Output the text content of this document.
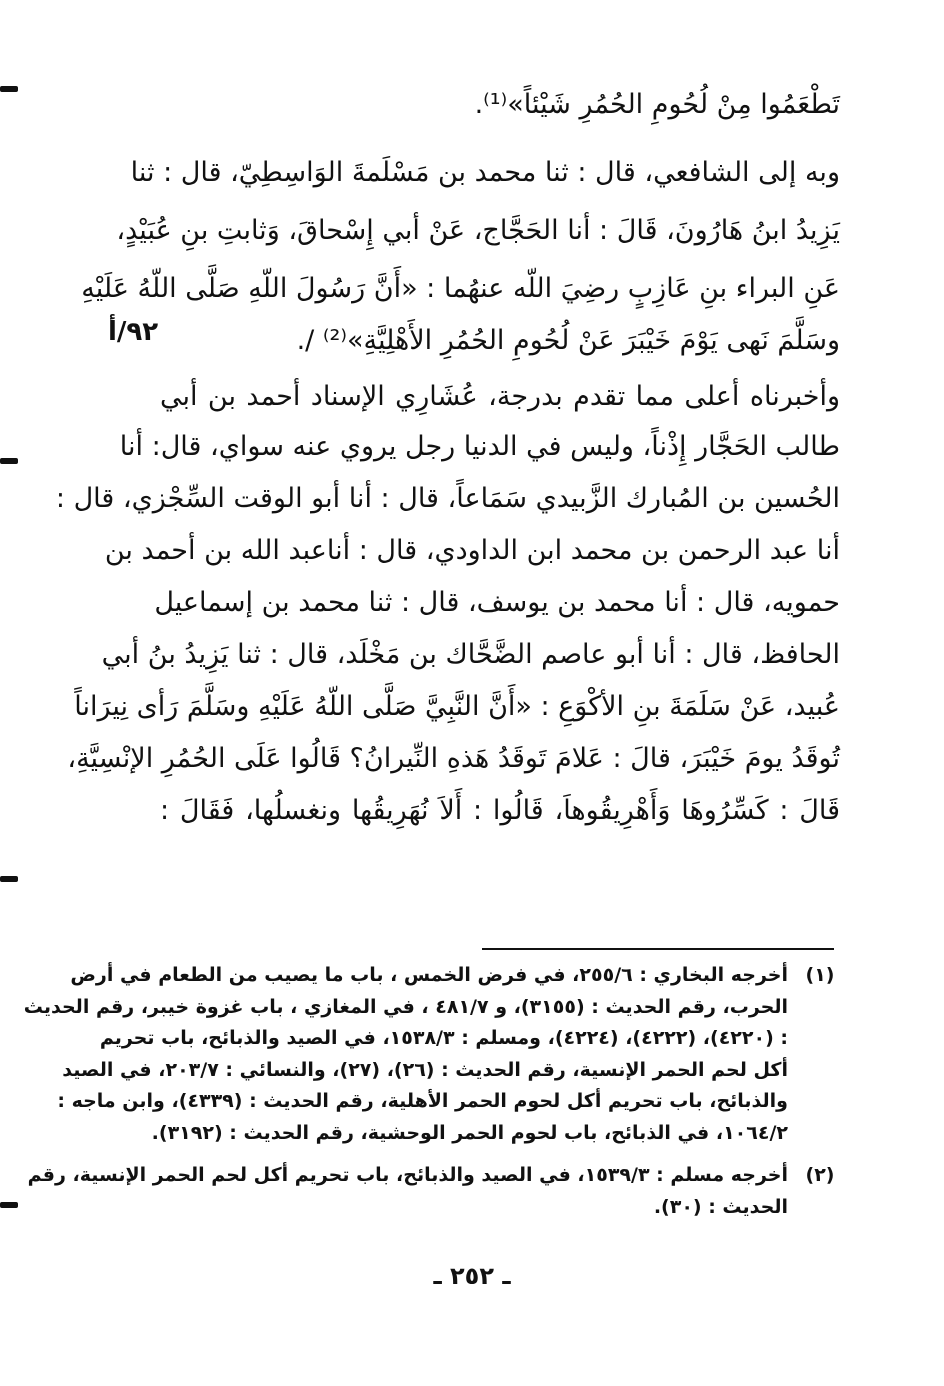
تَطْعَمُوا مِنْ لُحُومِ الحُمُرِ شَيْئاً»⁽¹⁾.
وبه إلى الشافعي، قال : ثنا محمد بن مَسْلَمةَ الوَاسِطِيّ، قال : ثنا
يَزِيدُ ابنُ هَارُونَ، قَالَ : أنا الحَجَّاج، عَنْ أبي إِسْحاقَ، وَثابتِ بنِ عُبَيْدٍ،
عَنِ البراء بنِ عَازِبٍ رضِيَ اللّه عنهُما : «أَنَّ رَسُولَ اللّهِ صَلَّى اللّهُ عَلَيْهِ
وسَلَّمَ نَهى يَوْمَ خَيْبَرَ عَنْ لُحُومِ الحُمُرِ الأَهْلِيَّةِ»⁽²⁾ /.
٩٢/أ
وأخبرناه أعلى مما تقدم بدرجة، عُشَارِي الإسناد أحمد بن أبي
طالب الحَجَّار إِذْناً، وليس في الدنيا رجل يروي عنه سواي، قال: أنا
الحُسين بن المُبارك الزَّبيدي سَمَاعاً، قال : أنا أبو الوقت السِّجْزي، قال :
أنا عبد الرحمن بن محمد ابن الداودي، قال : أناعبد الله بن أحمد بن
حمويه، قال : أنا محمد بن يوسف، قال : ثنا محمد بن إسماعيل
الحافظ، قال : أنا أبو عاصم الضَّحَّاك بن مَخْلَد، قال : ثنا يَزِيدُ بنُ أبي
عُبيد، عَنْ سَلَمَةَ بنِ الأكْوَعِ : «أَنَّ النَّبِيَّ صَلَّى اللّهُ عَلَيْهِ وسَلَّمَ رَأى نِيرَاناً
تُوقَدُ يومَ خَيْبَرَ، قالَ : عَلامَ تَوقَدُ هَذهِ النِّيرانُ؟ قَالُوا عَلَى الحُمُرِ الإنْسِيَّةِ،
قَالَ : كَسِّرُوهَا وَأَهْرِيقُوهاَ، قَالُوا : أَلاَ نُهَرِيقُها ونغسلُها، فَقَالَ :
(١)
أخرجه البخاري : ٢٥٥/٦، في فرض الخمس ، باب ما يصيب من الطعام في أرض
الحرب، رقم الحديث : (٣١٥٥)، و ٤٨١/٧ ، في المغازي ، باب غزوة خيبر، رقم الحديث
: (٤٢٢٠)، (٤٢٢٢)، (٤٢٢٤)، ومسلم : ١٥٣٨/٣، في الصيد والذبائح، باب تحريم
أكل لحم الحمر الإنسية، رقم الحديث : (٢٦)، (٢٧)، والنسائي : ٢٠٣/٧، في الصيد
والذبائح، باب تحريم أكل لحوم الحمر الأهلية، رقم الحديث : (٤٣٣٩)، وابن ماجه :
١٠٦٤/٢، في الذبائح، باب لحوم الحمر الوحشية، رقم الحديث : (٣١٩٢).
(٢)
أخرجه مسلم : ١٥٣٩/٣، في الصيد والذبائح، باب تحريم أكل لحم الحمر الإنسية، رقم
الحديث : (٣٠).
ـ ٢٥٢ ـ
